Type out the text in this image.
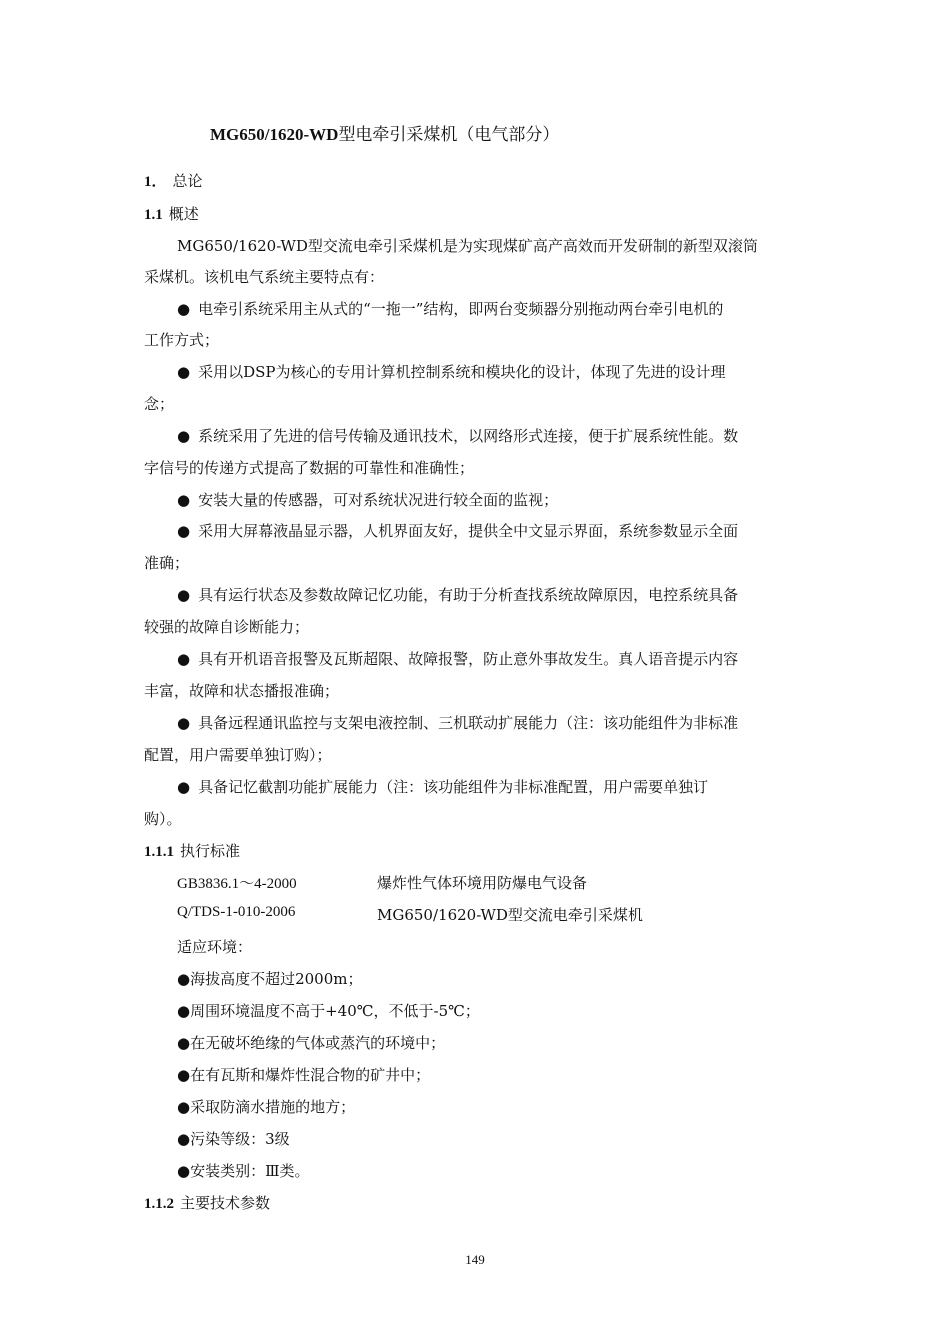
MG650/1620-WD型电牵引采煤机（电气部分）
1． 总论
1.1 概述
MG650/1620-WD型交流电牵引采煤机是为实现煤矿高产高效而开发研制的新型双滚筒
采煤机。该机电气系统主要特点有：
● 电牵引系统采用主从式的“一拖一”结构，即两台变频器分别拖动两台牵引电机的
工作方式；
● 采用以DSP为核心的专用计算机控制系统和模块化的设计，体现了先进的设计理
念；
● 系统采用了先进的信号传输及通讯技术，以网络形式连接，便于扩展系统性能。数
字信号的传递方式提高了数据的可靠性和准确性；
● 安装大量的传感器，可对系统状况进行较全面的监视；
● 采用大屏幕液晶显示器，人机界面友好，提供全中文显示界面，系统参数显示全面
准确；
● 具有运行状态及参数故障记忆功能，有助于分析查找系统故障原因，电控系统具备
较强的故障自诊断能力；
● 具有开机语音报警及瓦斯超限、故障报警，防止意外事故发生。真人语音提示内容
丰富，故障和状态播报准确；
● 具备远程通讯监控与支架电液控制、三机联动扩展能力（注：该功能组件为非标准
配置，用户需要单独订购）；
● 具备记忆截割功能扩展能力（注：该功能组件为非标准配置，用户需要单独订
购）。
1.1.1 执行标准
GB3836.1～4-2000	爆炸性气体环境用防爆电气设备
Q/TDS-1-010-2006	MG650/1620-WD型交流电牵引采煤机
适应环境：
●海拔高度不超过2000m；
●周围环境温度不高于+40℃，不低于-5℃；
●在无破坏绝缘的气体或蒸汽的环境中；
●在有瓦斯和爆炸性混合物的矿井中；
●采取防滴水措施的地方；
●污染等级：3级
●安装类别：Ⅲ类。
1.1.2 主要技术参数
149
